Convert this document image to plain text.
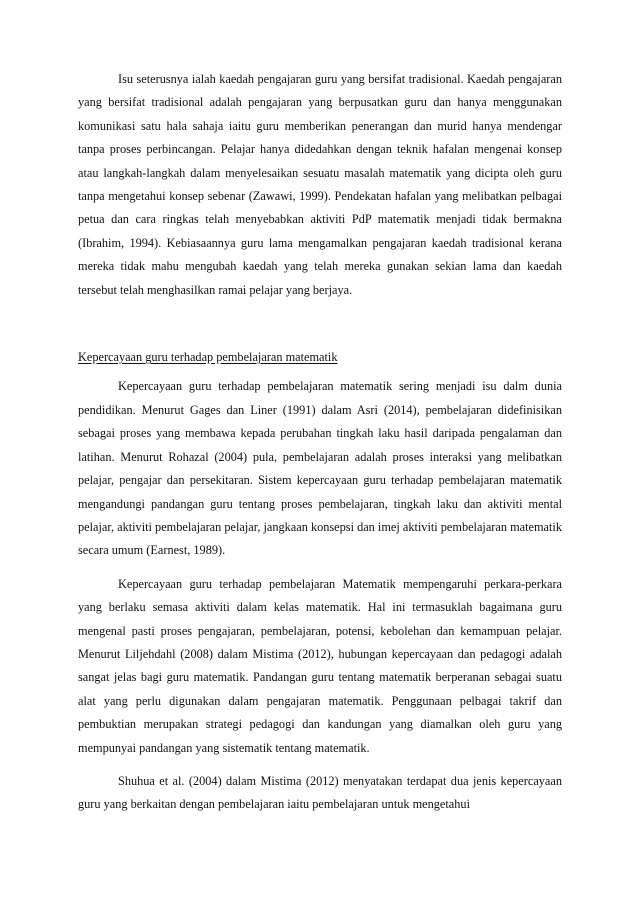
Isu seterusnya ialah kaedah pengajaran guru yang bersifat tradisional. Kaedah pengajaran yang bersifat tradisional adalah pengajaran yang berpusatkan guru dan hanya menggunakan komunikasi satu hala sahaja iaitu guru memberikan penerangan dan murid hanya mendengar tanpa proses perbincangan. Pelajar hanya didedahkan dengan teknik hafalan mengenai konsep atau langkah-langkah dalam menyelesaikan sesuatu masalah matematik yang dicipta oleh guru tanpa mengetahui konsep sebenar (Zawawi, 1999). Pendekatan hafalan yang melibatkan pelbagai petua dan cara ringkas telah menyebabkan aktiviti PdP matematik menjadi tidak bermakna (Ibrahim, 1994). Kebiasaannya guru lama mengamalkan pengajaran kaedah tradisional kerana mereka tidak mahu mengubah kaedah yang telah mereka gunakan sekian lama dan kaedah tersebut telah menghasilkan ramai pelajar yang berjaya.

Kepercayaan guru terhadap pembelajaran matematik

Kepercayaan guru terhadap pembelajaran matematik sering menjadi isu dalm dunia pendidikan. Menurut Gages dan Liner (1991) dalam Asri (2014), pembelajaran didefinisikan sebagai proses yang membawa kepada perubahan tingkah laku hasil daripada pengalaman dan latihan. Menurut Rohazal (2004) pula, pembelajaran adalah proses interaksi yang melibatkan pelajar, pengajar dan persekitaran. Sistem kepercayaan guru terhadap pembelajaran matematik mengandungi pandangan guru tentang proses pembelajaran, tingkah laku dan aktiviti mental pelajar, aktiviti pembelajaran pelajar, jangkaan konsepsi dan imej aktiviti pembelajaran matematik secara umum (Earnest, 1989).

Kepercayaan guru terhadap pembelajaran Matematik mempengaruhi perkara-perkara yang berlaku semasa aktiviti dalam kelas matematik. Hal ini termasuklah bagaimana guru mengenal pasti proses pengajaran, pembelajaran, potensi, kebolehan dan kemampuan pelajar. Menurut Liljehdahl (2008) dalam Mistima (2012), hubungan kepercayaan dan pedagogi adalah sangat jelas bagi guru matematik. Pandangan guru tentang matematik berperanan sebagai suatu alat yang perlu digunakan dalam pengajaran matematik. Penggunaan pelbagai takrif dan pembuktian merupakan strategi pedagogi dan kandungan yang diamalkan oleh guru yang mempunyai pandangan yang sistematik tentang matematik.

Shuhua et al. (2004) dalam Mistima (2012) menyatakan terdapat dua jenis kepercayaan guru yang berkaitan dengan pembelajaran iaitu pembelajaran untuk mengetahui
